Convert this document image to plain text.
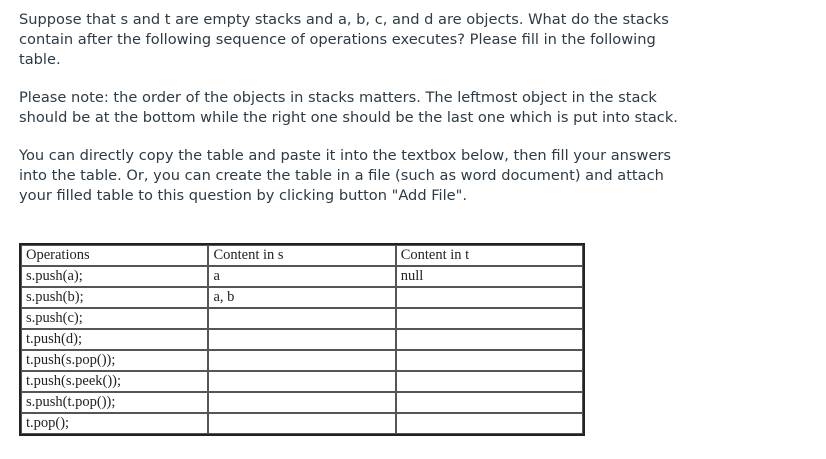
Suppose that s and t are empty stacks and a, b, c, and d are objects. What do the stacks contain after the following sequence of operations executes? Please fill in the following table.

Please note: the order of the objects in stacks matters. The leftmost object in the stack should be at the bottom while the right one should be the last one which is put into stack.

You can directly copy the table and paste it into the textbox below, then fill your answers into the table. Or, you can create the table in a file (such as word document) and attach your filled table to this question by clicking button "Add File".

Operations	Content in s	Content in t
s.push(a);	a	null
s.push(b);	a, b	
s.push(c);		
t.push(d);		
t.push(s.pop());		
t.push(s.peek());		
s.push(t.pop());		
t.pop();		
